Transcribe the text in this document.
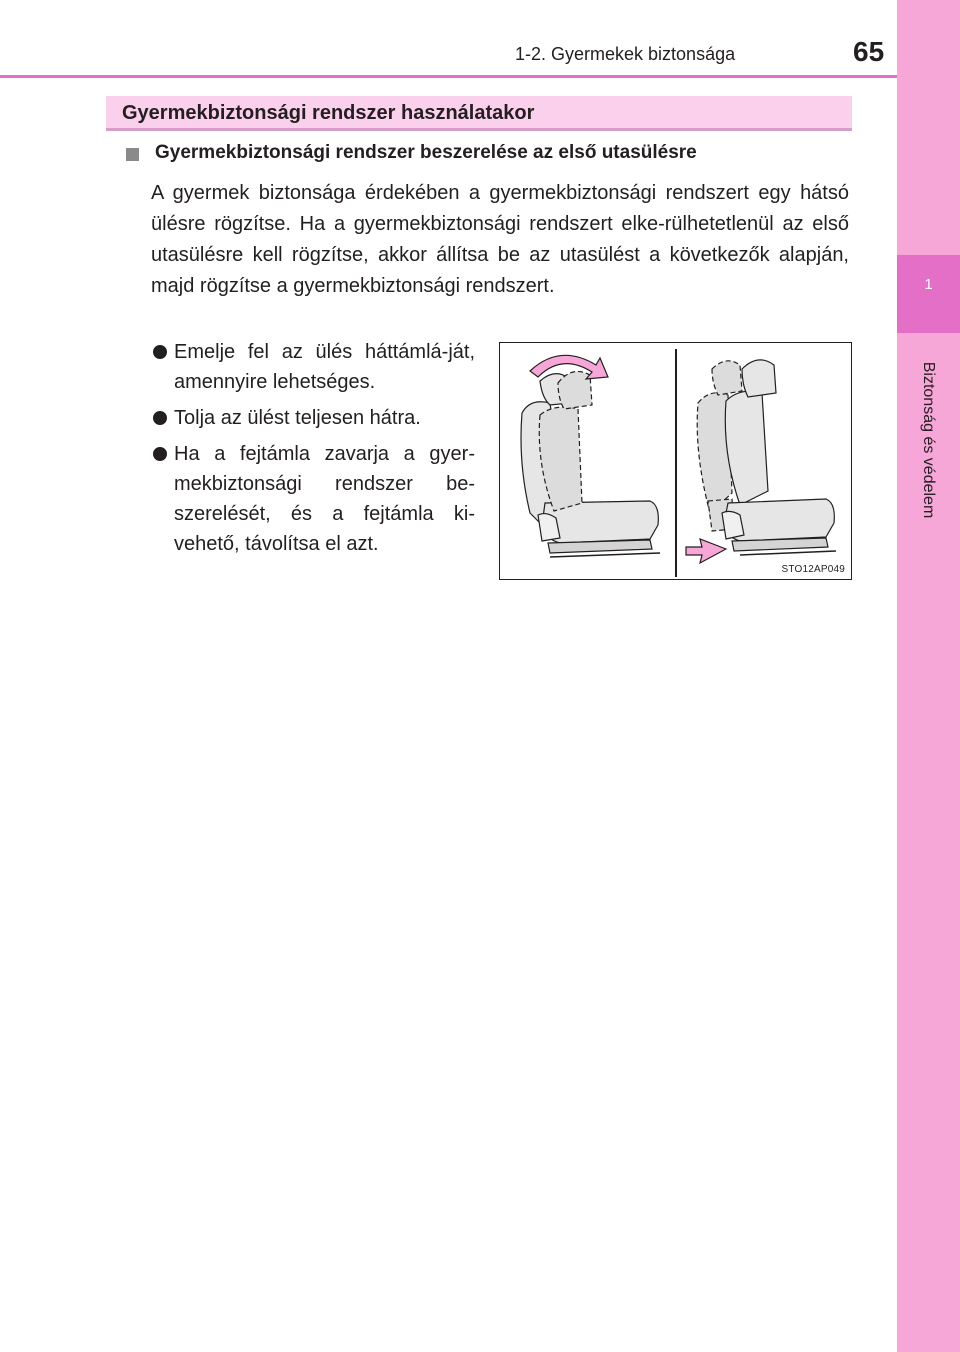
1
Biztonság és védelem
1-2. Gyermekek biztonsága	65
Gyermekbiztonsági rendszer használatakor
Gyermekbiztonsági rendszer beszerelése az első utasülésre
A gyermek biztonsága érdekében a gyermekbiztonsági rendszert egy hátsó ülésre rögzítse. Ha a gyermekbiztonsági rendszert elke-rülhetetlenül az első utasülésre kell rögzítse, akkor állítsa be az utasülést a következők alapján, majd rögzítse a gyermekbiztonsági rendszert.
Emelje fel az ülés háttámlá-ját, amennyire lehetséges.
Tolja az ülést teljesen hátra.
Ha a fejtámla zavarja a gyer-mekbiztonsági rendszer be-szerelését, és a fejtámla ki-vehető, távolítsa el azt.
STO12AP049
